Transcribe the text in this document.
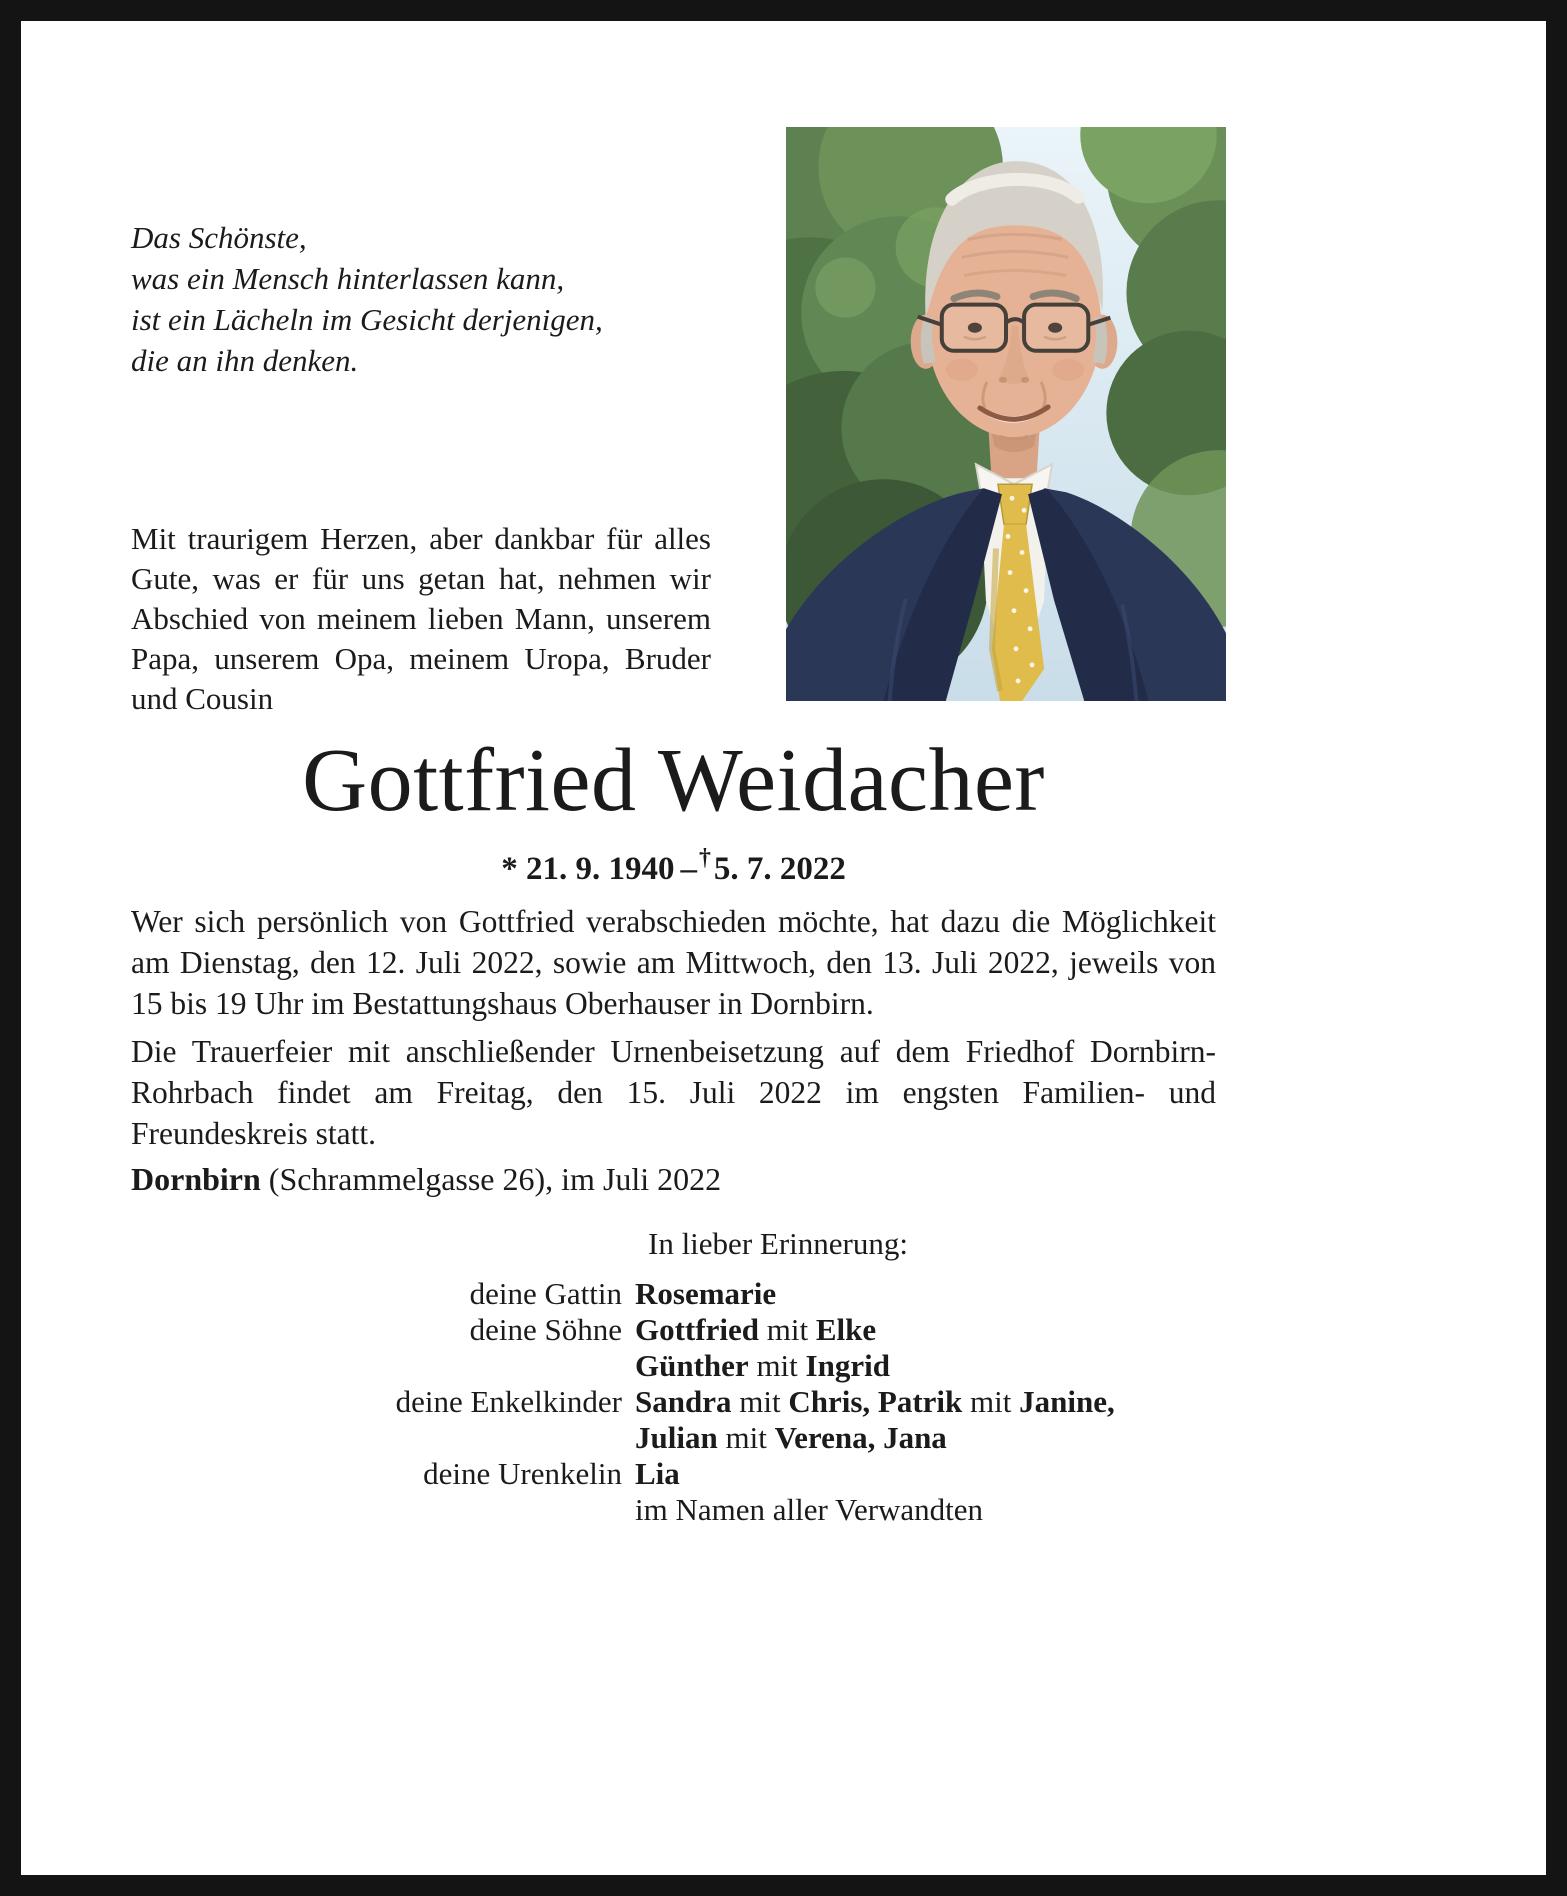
Das Schönste,
was ein Mensch hinterlassen kann,
ist ein Lächeln im Gesicht derjenigen,
die an ihn denken.
Mit traurigem Herzen, aber dankbar für alles Gute, was er für uns getan hat, nehmen wir Abschied von meinem lieben Mann, unserem Papa, unserem Opa, meinem Uropa, Bruder und Cousin
Gottfried Weidacher
* 21. 9. 1940 –†5. 7. 2022

Wer sich persönlich von Gottfried verabschieden möchte, hat dazu die Möglichkeit am Dienstag, den 12. Juli 2022, sowie am Mittwoch, den 13. Juli 2022, jeweils von 15 bis 19 Uhr im Bestattungshaus Oberhauser in Dornbirn.

Die Trauerfeier mit anschließender Urnenbeisetzung auf dem Friedhof Dornbirn-Rohrbach findet am Freitag, den 15. Juli 2022 im engsten Familien- und Freundeskreis statt.

Dornbirn (Schrammelgasse 26), im Juli 2022
In lieber Erinnerung:
deine Gattin Rosemarie
deine Söhne Gottfried mit Elke
Günther mit Ingrid
deine Enkelkinder Sandra mit Chris, Patrik mit Janine,
Julian mit Verena, Jana
deine Urenkelin Lia
im Namen aller Verwandten
